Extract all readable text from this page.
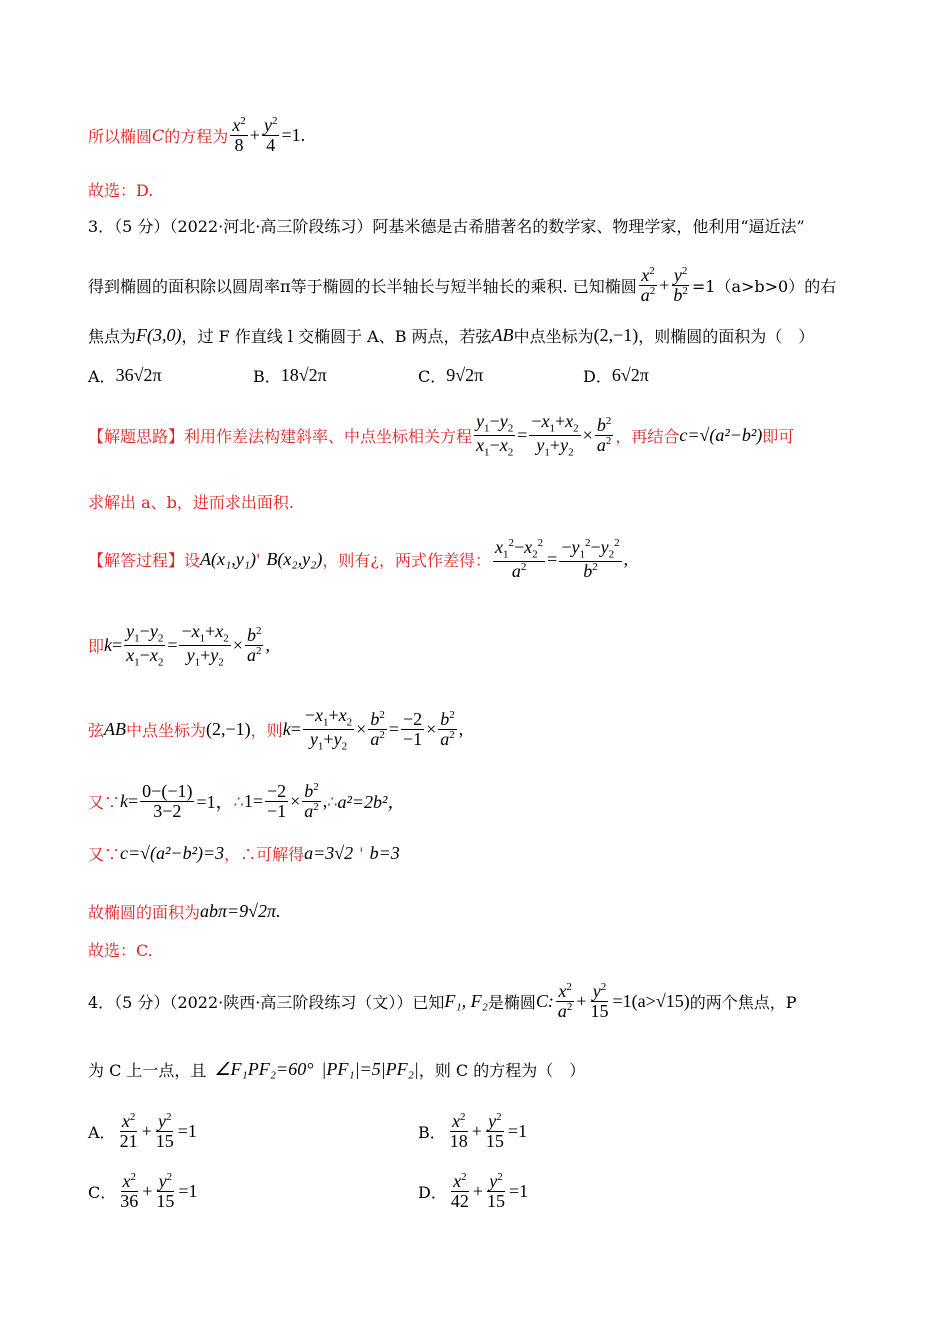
所以椭圆 C 的方程为 $\frac{x^2}{8} + \frac{y^2}{4} =1$.
故选：D.
3．（5 分）（2022·河北·高三阶段练习）阿基米德是古希腊著名的数学家、物理学家，他利用“逼近法”
得到椭圆的面积除以圆周率π等于椭圆的长半轴长与短半轴长的乘积. 已知椭圆 $\frac{x^2}{a^2} + \frac{y^2}{b^2} =1(a>b>0)$的右
焦点为 F(3,0) ，过 F 作直线 l 交椭圆于 A、B 两点，若弦 AB 中点坐标为 (2,−1) ，则椭圆的面积为（　）
A． 36√2π	B． 18√2π	C． 9√2π	D． 6√2π
【解题思路】 利用作差法构建斜率、中点坐标相关方程 $\frac{y_1-y_2}{x_1-x_2} = \frac{-x_1+x_2}{y_1+y_2} \times \frac{b^2}{a^2}$ ，再结合 c=√(a²−b²) 即可
求解出 a、b，进而求出面积.
【解答过程】 设 A(x₁,y₁) ' B(x₂,y₂) ，则有 ¿ ，两式作差得： $\frac{x_1^2-x_2^2}{a^2} = \frac{-y_1^2-y_2^2}{b^2}$ ,
即 $k = \frac{y_1-y_2}{x_1-x_2} = \frac{-x_1+x_2}{y_1+y_2} \times \frac{b^2}{a^2}$ ,
弦 AB 中点坐标为 (2,−1) ，则 $k = \frac{-x_1+x_2}{y_1+y_2} \times \frac{b^2}{a^2} = \frac{-2}{-1} \times \frac{b^2}{a^2}$ ,
又∵ $k = \frac{0-(-1)}{3-2} =1$， ∴ $1= \frac{-2}{-1} \times \frac{b^2}{a^2}$ , ∴ a²=2b²，
又∵ c=√(a²−b²)=3 ，∴可解得 a=3√2 ' b=3
故椭圆的面积为 abπ=9√2π.
故选：C.
4．（5 分）（2022·陕西·高三阶段练习（文））已知 F₁, F₂ 是椭圆 C: $\frac{x^2}{a^2} + \frac{y^2}{15} =1(a>√15)$ 的两个焦点，P
为 C 上一点，且 ∠F₁PF₂=60° |PF₁|=5|PF₂| ，则 C 的方程为（　）
A． $\frac{x^2}{21} + \frac{y^2}{15} =1$	B． $\frac{x^2}{18} + \frac{y^2}{15} =1$
C． $\frac{x^2}{36} + \frac{y^2}{15} =1$	D． $\frac{x^2}{42} + \frac{y^2}{15} =1$
